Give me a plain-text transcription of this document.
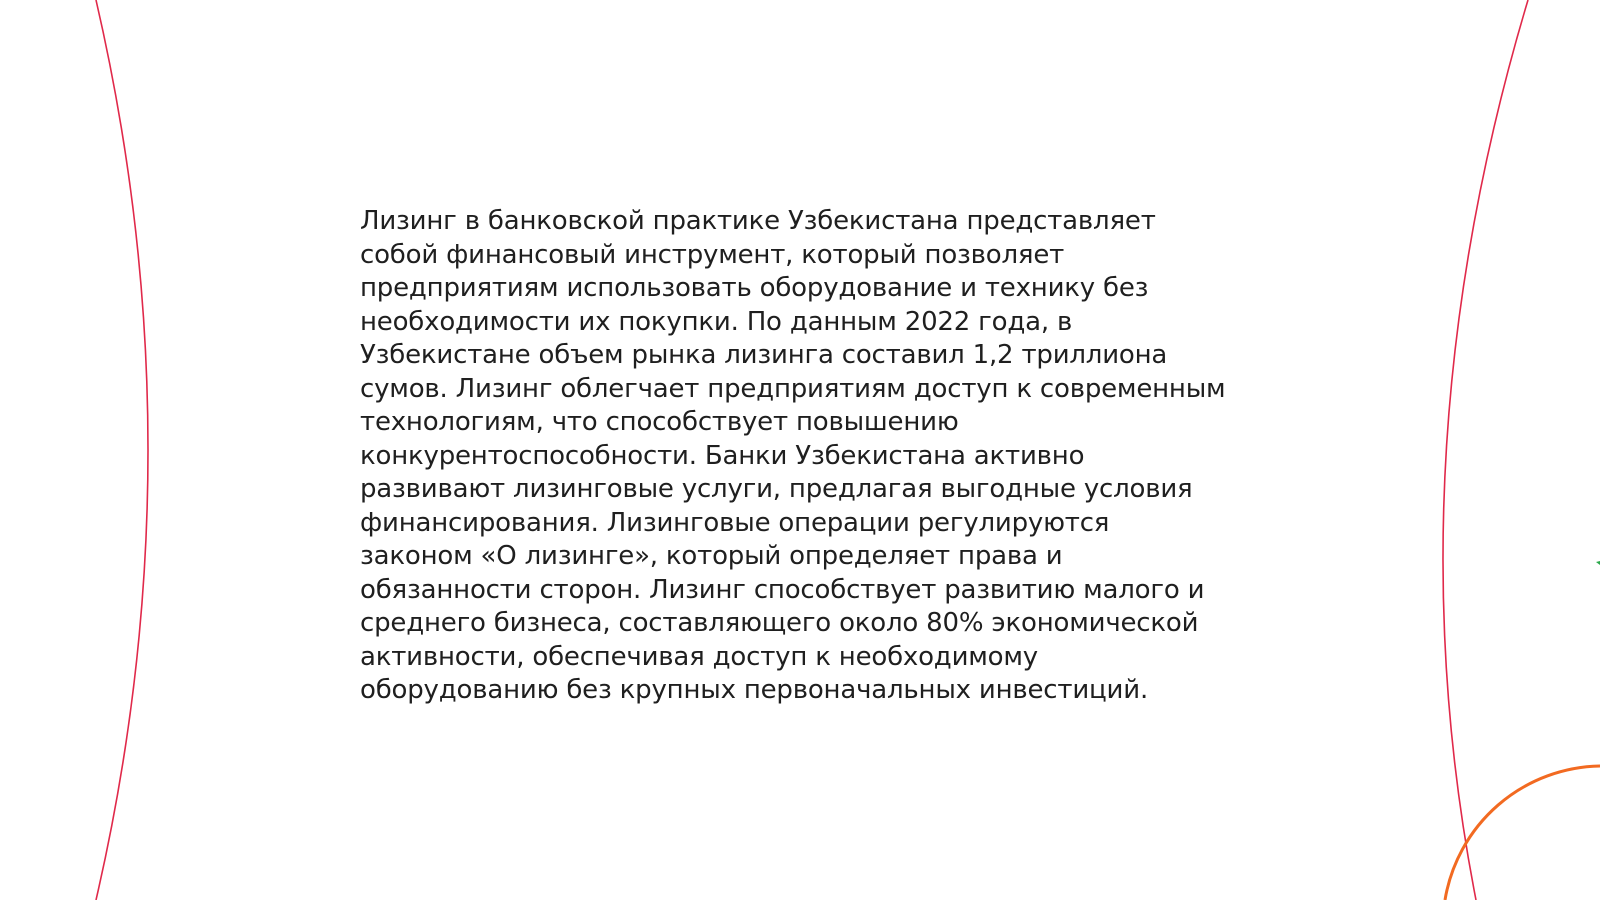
Лизинг в банковской практике Узбекистана представляет
собой финансовый инструмент, который позволяет
предприятиям использовать оборудование и технику без
необходимости их покупки. По данным 2022 года, в
Узбекистане объем рынка лизинга составил 1,2 триллиона
сумов. Лизинг облегчает предприятиям доступ к современным
технологиям, что способствует повышению
конкурентоспособности. Банки Узбекистана активно
развивают лизинговые услуги, предлагая выгодные условия
финансирования. Лизинговые операции регулируются
законом «О лизинге», который определяет права и
обязанности сторон. Лизинг способствует развитию малого и
среднего бизнеса, составляющего около 80% экономической
активности, обеспечивая доступ к необходимому
оборудованию без крупных первоначальных инвестиций.
